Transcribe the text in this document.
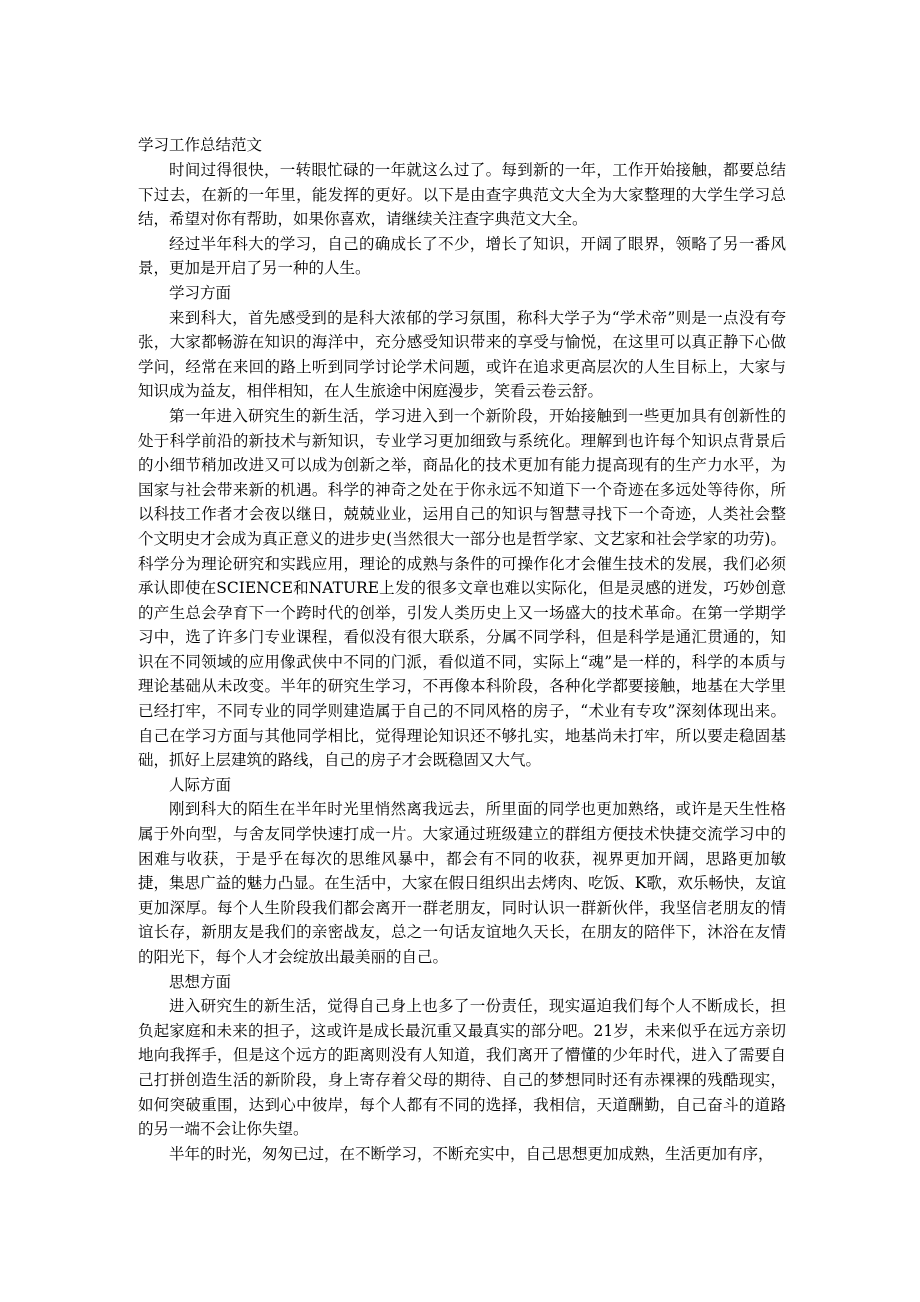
学习工作总结范文

时间过得很快，一转眼忙碌的一年就这么过了。每到新的一年，工作开始接触，都要总结下过去，在新的一年里，能发挥的更好。以下是由查字典范文大全为大家整理的大学生学习总结，希望对你有帮助，如果你喜欢，请继续关注查字典范文大全。

经过半年科大的学习，自己的确成长了不少，增长了知识，开阔了眼界，领略了另一番风景，更加是开启了另一种的人生。

学习方面

来到科大，首先感受到的是科大浓郁的学习氛围，称科大学子为“学术帝”则是一点没有夸张，大家都畅游在知识的海洋中，充分感受知识带来的享受与愉悦，在这里可以真正静下心做学问，经常在来回的路上听到同学讨论学术问题，或许在追求更高层次的人生目标上，大家与知识成为益友，相伴相知，在人生旅途中闲庭漫步，笑看云卷云舒。

第一年进入研究生的新生活，学习进入到一个新阶段，开始接触到一些更加具有创新性的处于科学前沿的新技术与新知识，专业学习更加细致与系统化。理解到也许每个知识点背景后的小细节稍加改进又可以成为创新之举，商品化的技术更加有能力提高现有的生产力水平，为国家与社会带来新的机遇。科学的神奇之处在于你永远不知道下一个奇迹在多远处等待你，所以科技工作者才会夜以继日，兢兢业业，运用自己的知识与智慧寻找下一个奇迹，人类社会整个文明史才会成为真正意义的进步史(当然很大一部分也是哲学家、文艺家和社会学家的功劳)。科学分为理论研究和实践应用，理论的成熟与条件的可操作化才会催生技术的发展，我们必须承认即使在SCIENCE和NATURE上发的很多文章也难以实际化，但是灵感的迸发，巧妙创意的产生总会孕育下一个跨时代的创举，引发人类历史上又一场盛大的技术革命。在第一学期学习中，选了许多门专业课程，看似没有很大联系，分属不同学科，但是科学是通汇贯通的，知识在不同领域的应用像武侠中不同的门派，看似道不同，实际上“魂”是一样的，科学的本质与理论基础从未改变。半年的研究生学习，不再像本科阶段，各种化学都要接触，地基在大学里已经打牢，不同专业的同学则建造属于自己的不同风格的房子，“术业有专攻”深刻体现出来。自己在学习方面与其他同学相比，觉得理论知识还不够扎实，地基尚未打牢，所以要走稳固基础，抓好上层建筑的路线，自己的房子才会既稳固又大气。

人际方面

刚到科大的陌生在半年时光里悄然离我远去，所里面的同学也更加熟络，或许是天生性格属于外向型，与舍友同学快速打成一片。大家通过班级建立的群组方便技术快捷交流学习中的困难与收获，于是乎在每次的思维风暴中，都会有不同的收获，视界更加开阔，思路更加敏捷，集思广益的魅力凸显。在生活中，大家在假日组织出去烤肉、吃饭、K歌，欢乐畅快，友谊更加深厚。每个人生阶段我们都会离开一群老朋友，同时认识一群新伙伴，我坚信老朋友的情谊长存，新朋友是我们的亲密战友，总之一句话友谊地久天长，在朋友的陪伴下，沐浴在友情的阳光下，每个人才会绽放出最美丽的自己。

思想方面

进入研究生的新生活，觉得自己身上也多了一份责任，现实逼迫我们每个人不断成长，担负起家庭和未来的担子，这或许是成长最沉重又最真实的部分吧。21岁，未来似乎在远方亲切地向我挥手，但是这个远方的距离则没有人知道，我们离开了懵懂的少年时代，进入了需要自己打拼创造生活的新阶段，身上寄存着父母的期待、自己的梦想同时还有赤裸裸的残酷现实，如何突破重围，达到心中彼岸，每个人都有不同的选择，我相信，天道酬勤，自己奋斗的道路的另一端不会让你失望。

半年的时光，匆匆已过，在不断学习，不断充实中，自己思想更加成熟，生活更加有序，
